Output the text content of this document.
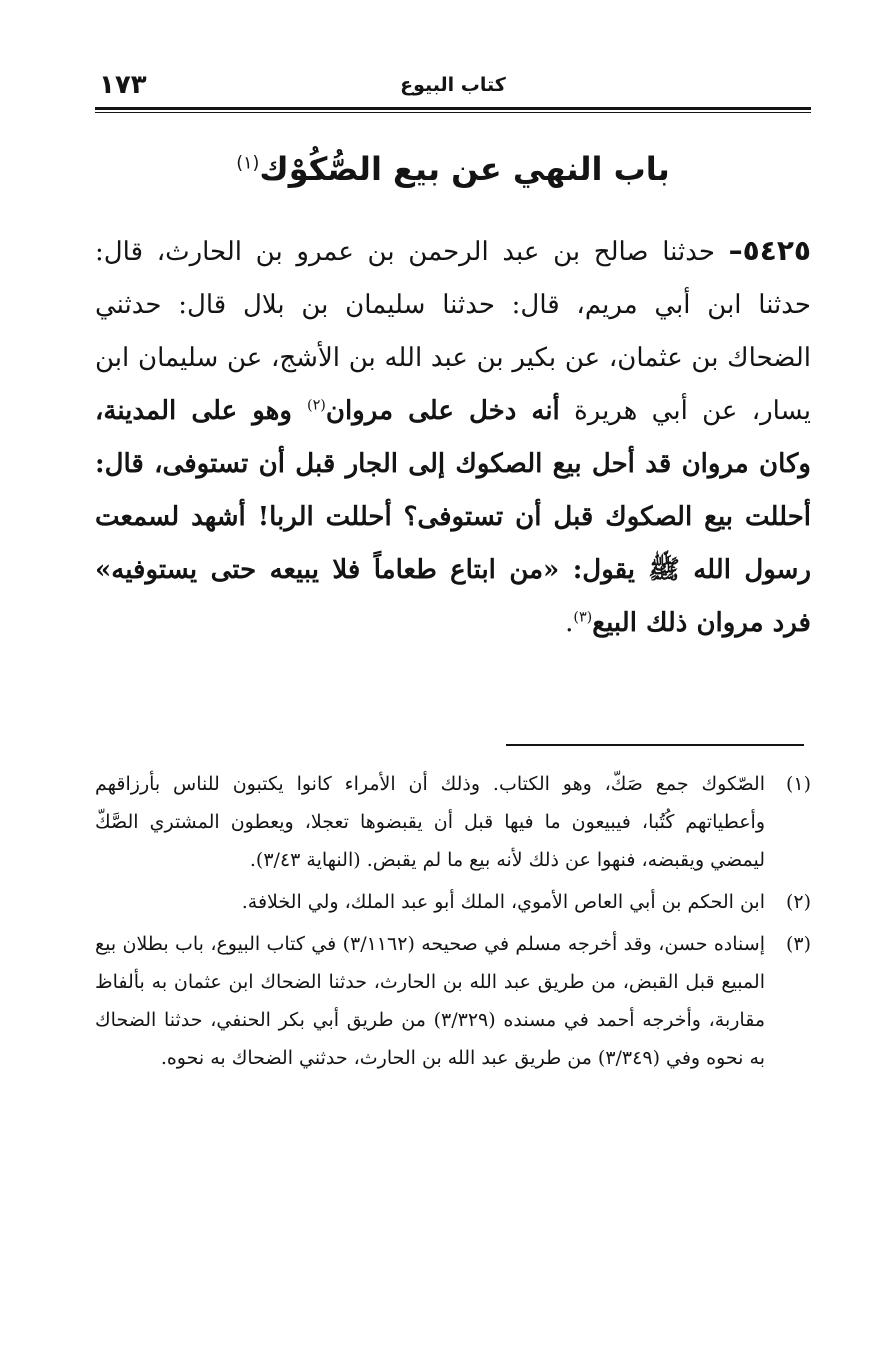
كتاب البيوع
١٧٣
باب النهي عن بيع الصُّكُوْك$^{(١)}$
٥٤٢٥– حدثنا صالح بن عبد الرحمن بن عمرو بن الحارث، قال: حدثنا ابن أبي مريم، قال: حدثنا سليمان بن بلال قال: حدثني الضحاك بن عثمان، عن بكير بن عبد الله بن الأشج، عن سليمان ابن يسار، عن أبي هريرة أنه دخل على مروان$^{(٢)}$ وهو على المدينة، وكان مروان قد أحل بيع الصكوك إلى الجار قبل أن تستوفى، قال: أحللت بيع الصكوك قبل أن تستوفى؟ أحللت الربا! أشهد لسمعت رسول الله ﷺ يقول: «من ابتاع طعاماً فلا يبيعه حتى يستوفيه» فرد مروان ذلك البيع$^{(٣)}$.
(١)
الصّكوك جمع صَكّ، وهو الكتاب. وذلك أن الأمراء كانوا يكتبون للناس بأرزاقهم وأعطياتهم كُتُبا، فيبيعون ما فيها قبل أن يقبضوها تعجلا، ويعطون المشتري الصَّكّ ليمضي ويقبضه، فنهوا عن ذلك لأنه بيع ما لم يقبض. (النهاية ٣/٤٣).
(٢)
ابن الحكم بن أبي العاص الأموي، الملك أبو عبد الملك، ولي الخلافة.
(٣)
إسناده حسن، وقد أخرجه مسلم في صحيحه (٣/١١٦٢) في كتاب البيوع، باب بطلان بيع المبيع قبل القبض، من طريق عبد الله بن الحارث، حدثنا الضحاك ابن عثمان به بألفاظ مقاربة، وأخرجه أحمد في مسنده (٣/٣٢٩) من طريق أبي بكر الحنفي، حدثنا الضحاك به نحوه وفي (٣/٣٤٩) من طريق عبد الله بن الحارث، حدثني الضحاك به نحوه.
